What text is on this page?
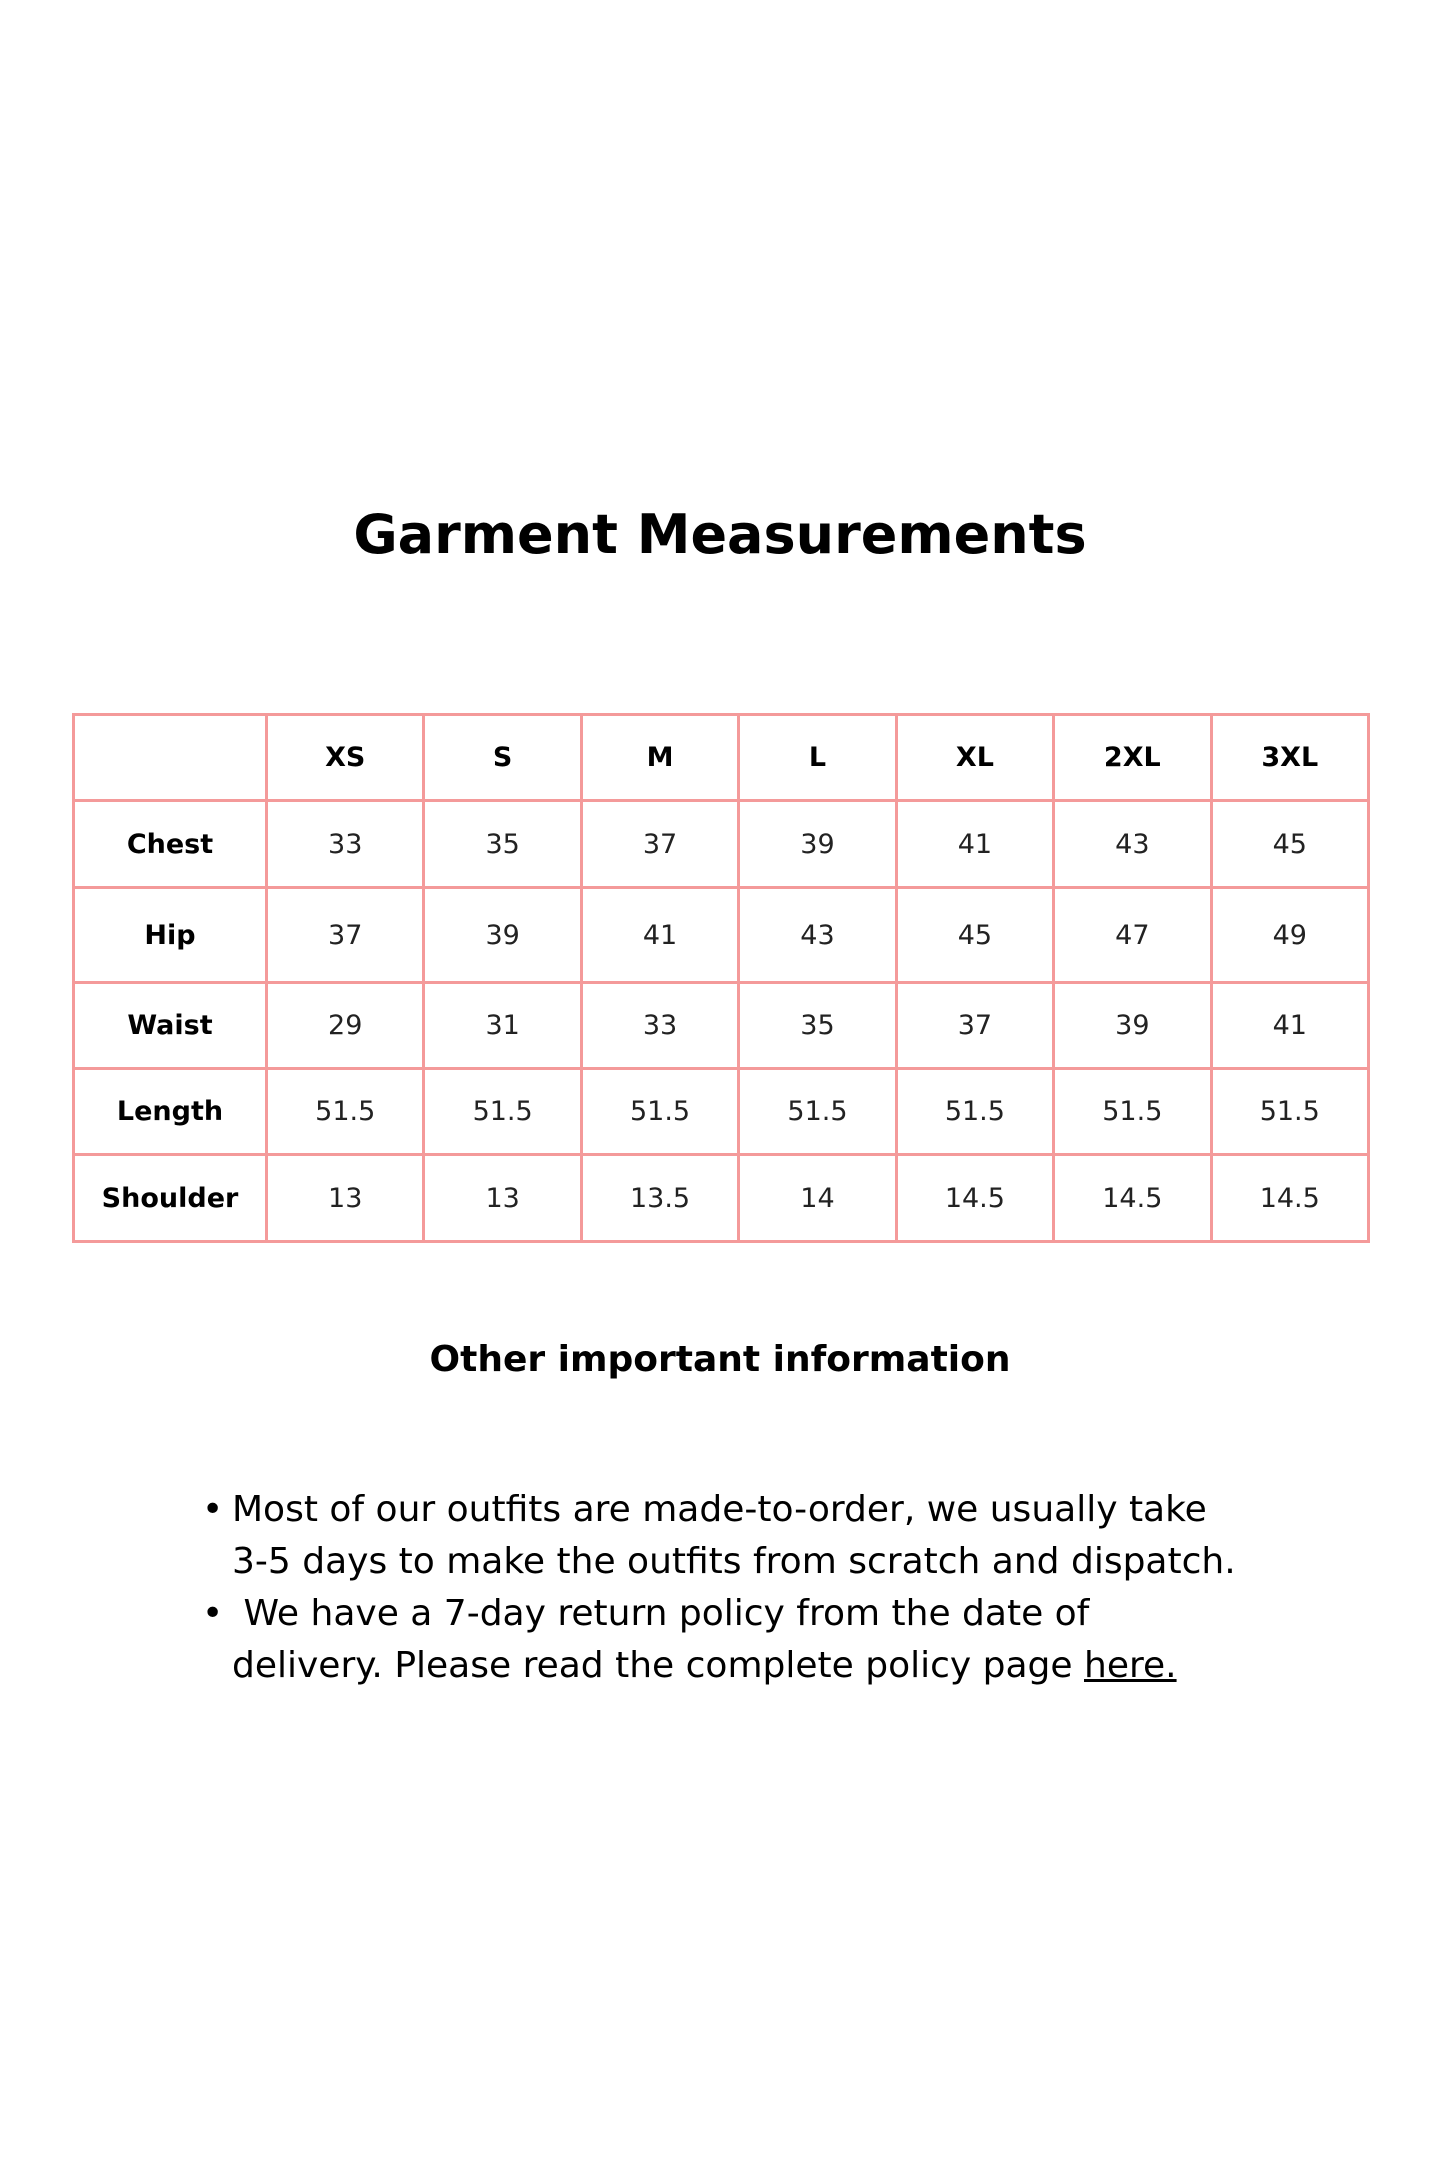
Garment Measurements
	XS	S	M	L	XL	2XL	3XL
Chest	33	35	37	39	41	43	45
Hip	37	39	41	43	45	47	49
Waist	29	31	33	35	37	39	41
Length	51.5	51.5	51.5	51.5	51.5	51.5	51.5
Shoulder	13	13	13.5	14	14.5	14.5	14.5
Other important information
• Most of our outfits are made-to-order, we usually take
3-5 days to make the outfits from scratch and dispatch.
• We have a 7-day return policy from the date of
delivery. Please read the complete policy page here.
